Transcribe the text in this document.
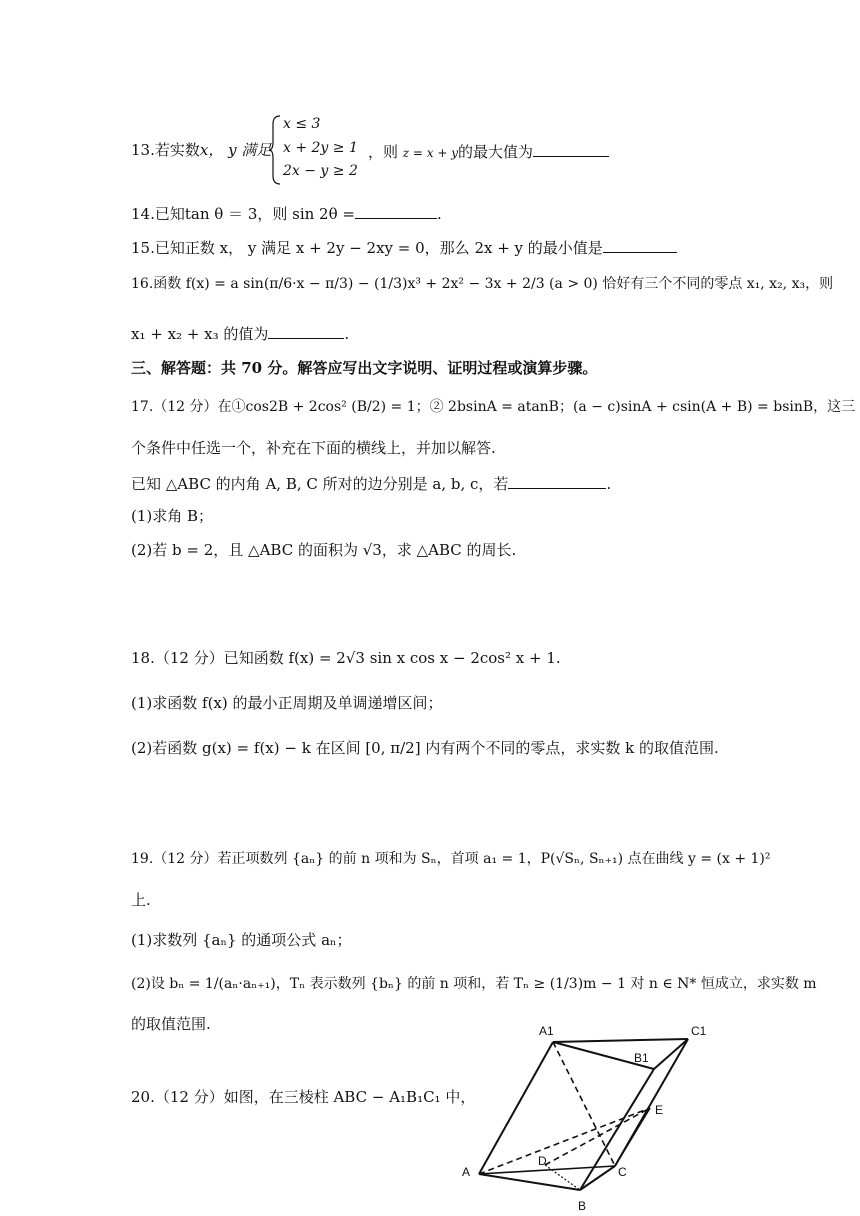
13.若实数x， y 满足
x ≤ 3
x + 2y ≥ 1
2x − y ≥ 2
，则 z = x + y的最大值为
14.已知tan θ ＝ 3，则 sin 2θ =	.
15.已知正数 x， y 满足 x + 2y − 2xy = 0，那么 2x + y 的最小值是
16.函数 f(x) = a sin(π/6·x − π/3) − (1/3)x³ + 2x² − 3x + 2/3 (a > 0) 恰好有三个不同的零点 x₁, x₂, x₃，则
x₁ + x₂ + x₃ 的值为	.
三、解答题：共 70 分。解答应写出文字说明、证明过程或演算步骤。
17.（12 分）在①cos2B + 2cos² (B/2) = 1；② 2bsinA = atanB；(a − c)sinA + csin(A + B) = bsinB，这三
个条件中任选一个，补充在下面的横线上，并加以解答.
已知 △ABC 的内角 A, B, C 所对的边分别是 a, b, c，若	.
(1)求角 B；
(2)若 b = 2，且 △ABC 的面积为 √3，求 △ABC 的周长.
18.（12 分）已知函数 f(x) = 2√3 sin x cos x − 2cos² x + 1.
(1)求函数 f(x) 的最小正周期及单调递增区间；
(2)若函数 g(x) = f(x) − k 在区间 [0, π/2] 内有两个不同的零点，求实数 k 的取值范围.
19.（12 分）若正项数列 {aₙ} 的前 n 项和为 Sₙ，首项 a₁ = 1，P(√Sₙ, Sₙ₊₁) 点在曲线 y = (x + 1)²
上.
(1)求数列 {aₙ} 的通项公式 aₙ；
(2)设 bₙ = 1/(aₙ·aₙ₊₁)，Tₙ 表示数列 {bₙ} 的前 n 项和，若 Tₙ ≥ (1/3)m − 1 对 n ∈ N* 恒成立，求实数 m
的取值范围.
20.（12 分）如图，在三棱柱 ABC − A₁B₁C₁ 中，
A1
B1
C1
E
A
D
C
B
